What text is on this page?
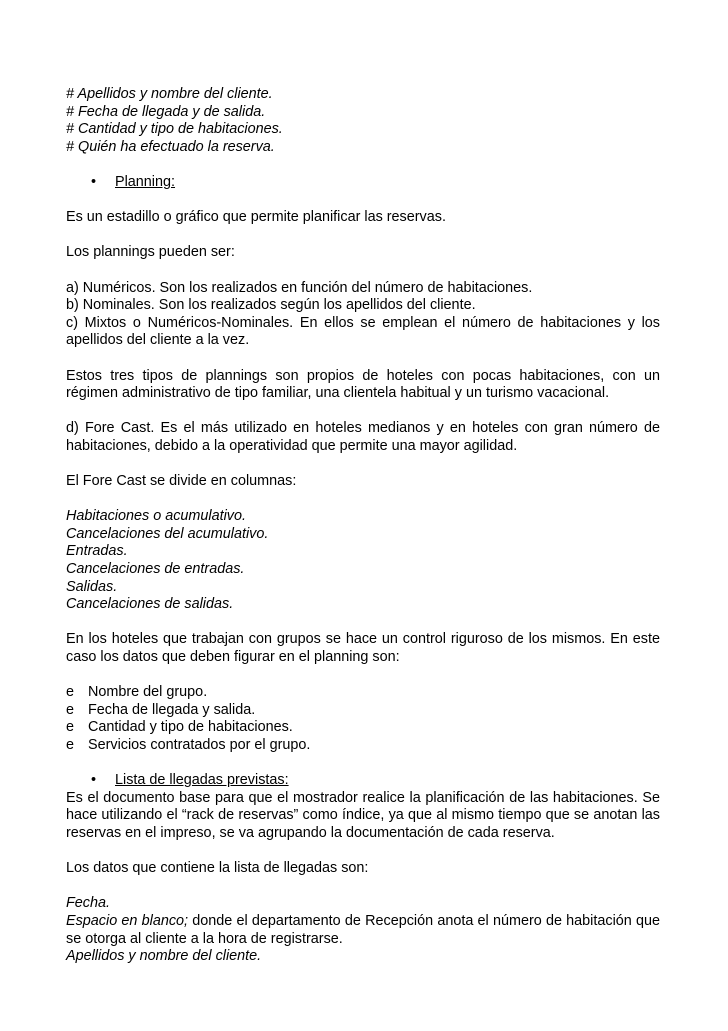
# Apellidos y nombre del cliente.
# Fecha de llegada y de salida.
# Cantidad y tipo de habitaciones.
# Quién ha efectuado la reserva.
• Planning:
Es un estadillo o gráfico que permite planificar las reservas.
Los plannings pueden ser:
a) Numéricos. Son los realizados en función del número de habitaciones.
b) Nominales. Son los realizados según los apellidos del cliente.
c) Mixtos o Numéricos-Nominales. En ellos se emplean el número de habitaciones y los apellidos del cliente a la vez.
Estos tres tipos de plannings son propios de hoteles con pocas habitaciones, con un régimen administrativo de tipo familiar, una clientela habitual y un turismo vacacional.
d) Fore Cast. Es el más utilizado en hoteles medianos y en hoteles con gran número de habitaciones, debido a la operatividad que permite una mayor agilidad.
El Fore Cast se divide en columnas:
Habitaciones o acumulativo.
Cancelaciones del acumulativo.
Entradas.
Cancelaciones de entradas.
Salidas.
Cancelaciones de salidas.
En los hoteles que trabajan con grupos se hace un control riguroso de los mismos. En este caso los datos que deben figurar en el planning son:
e Nombre del grupo.
e Fecha de llegada y salida.
e Cantidad y tipo de habitaciones.
e Servicios contratados por el grupo.
• Lista de llegadas previstas:
Es el documento base para que el mostrador realice la planificación de las habitaciones. Se hace utilizando el “rack de reservas” como índice, ya que al mismo tiempo que se anotan las reservas en el impreso, se va agrupando la documentación de cada reserva.
Los datos que contiene la lista de llegadas son:
Fecha.
Espacio en blanco; donde el departamento de Recepción anota el número de habitación que se otorga al cliente a la hora de registrarse.
Apellidos y nombre del cliente.
